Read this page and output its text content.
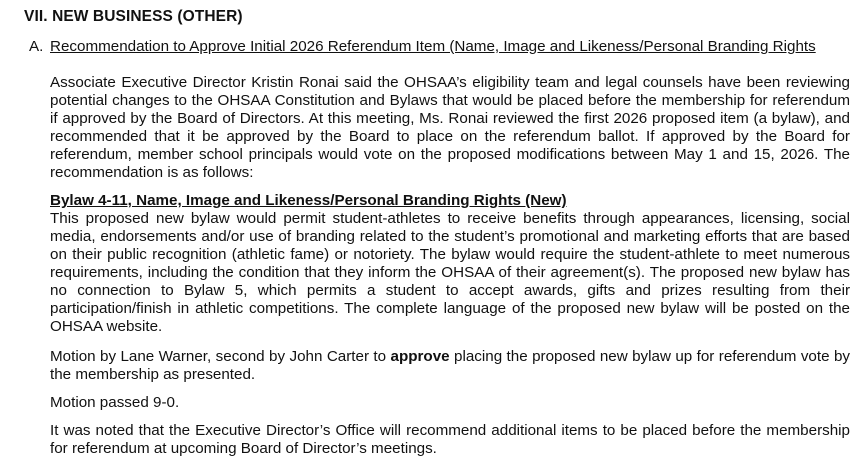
VII. NEW BUSINESS (OTHER)
A. Recommendation to Approve Initial 2026 Referendum Item (Name, Image and Likeness/Personal Branding Rights
Associate Executive Director Kristin Ronai said the OHSAA’s eligibility team and legal counsels have been reviewing potential changes to the OHSAA Constitution and Bylaws that would be placed before the membership for referendum if approved by the Board of Directors. At this meeting, Ms. Ronai reviewed the first 2026 proposed item (a bylaw), and recommended that it be approved by the Board to place on the referendum ballot. If approved by the Board for referendum, member school principals would vote on the proposed modifications between May 1 and 15, 2026. The recommendation is as follows:
Bylaw 4-11, Name, Image and Likeness/Personal Branding Rights (New)
This proposed new bylaw would permit student-athletes to receive benefits through appearances, licensing, social media, endorsements and/or use of branding related to the student’s promotional and marketing efforts that are based on their public recognition (athletic fame) or notoriety. The bylaw would require the student-athlete to meet numerous requirements, including the condition that they inform the OHSAA of their agreement(s). The proposed new bylaw has no connection to Bylaw 5, which permits a student to accept awards, gifts and prizes resulting from their participation/finish in athletic competitions. The complete language of the proposed new bylaw will be posted on the OHSAA website.
Motion by Lane Warner, second by John Carter to approve placing the proposed new bylaw up for referendum vote by the membership as presented.
Motion passed 9-0.
It was noted that the Executive Director’s Office will recommend additional items to be placed before the membership for referendum at upcoming Board of Director’s meetings.
